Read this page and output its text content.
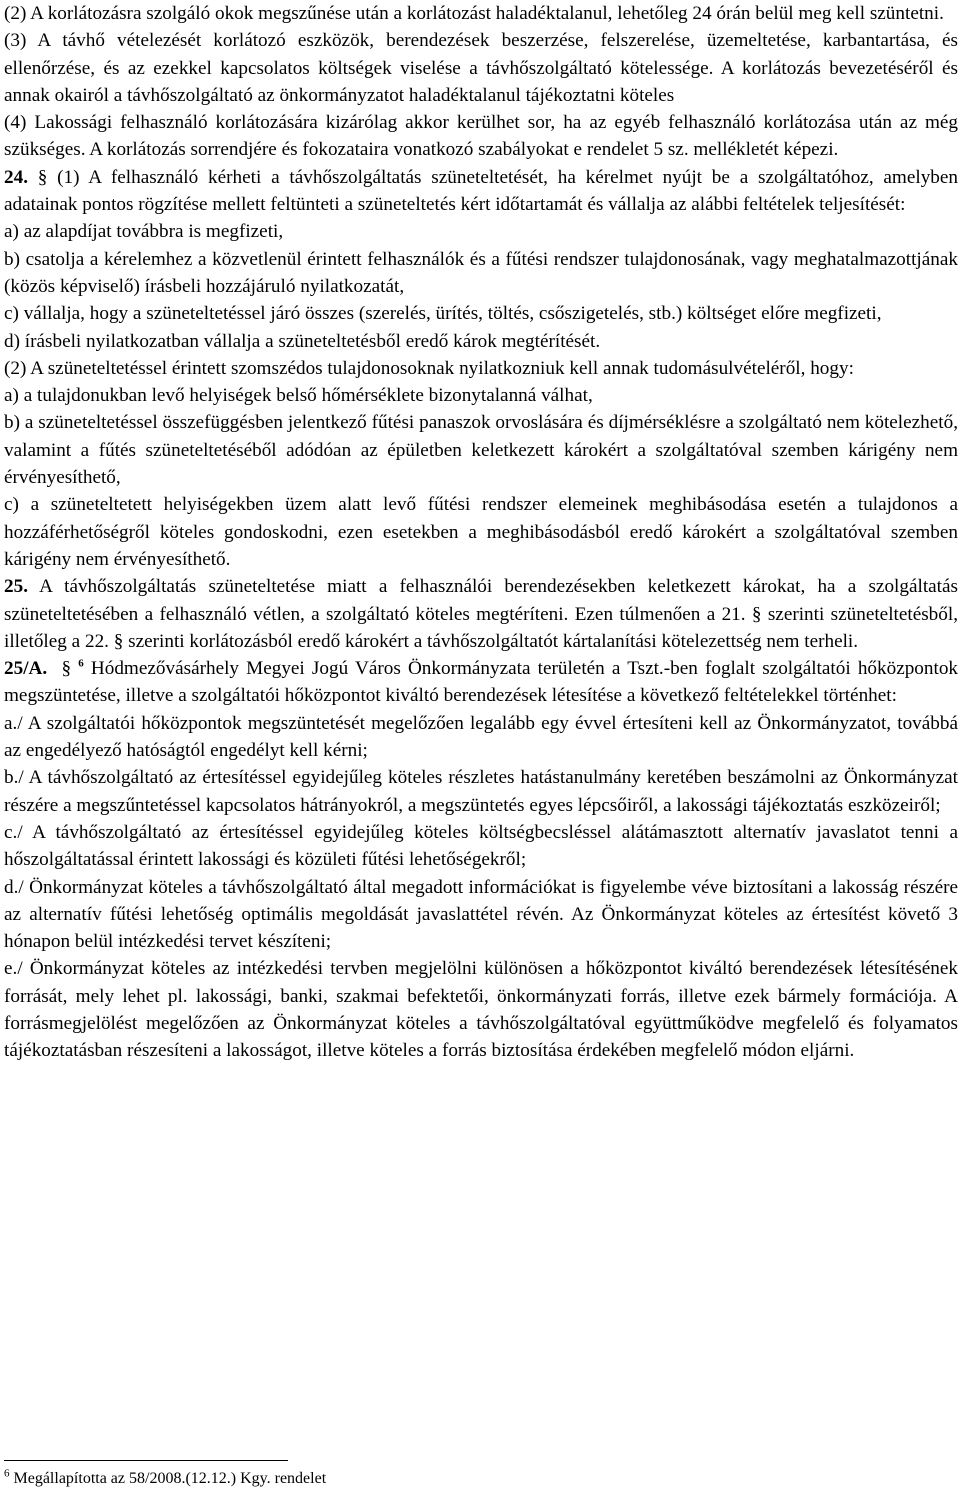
(2) A korlátozásra szolgáló okok megszűnése után a korlátozást haladéktalanul, lehetőleg 24 órán belül meg kell szüntetni.

(3) A távhő vételezését korlátozó eszközök, berendezések beszerzése, felszerelése, üzemeltetése, karbantartása, és ellenőrzése, és az ezekkel kapcsolatos költségek viselése a távhőszolgáltató kötelessége. A korlátozás bevezetéséről és annak okairól a távhőszolgáltató az önkormányzatot haladéktalanul tájékoztatni köteles

(4) Lakossági felhasználó korlátozására kizárólag akkor kerülhet sor, ha az egyéb felhasználó korlátozása után az még szükséges. A korlátozás sorrendjére és fokozataira vonatkozó szabályokat e rendelet 5 sz. mellékletét képezi.

24. § (1) A felhasználó kérheti a távhőszolgáltatás szüneteltetését, ha kérelmet nyújt be a szolgáltatóhoz, amelyben adatainak pontos rögzítése mellett feltünteti a szüneteltetés kért időtartamát és vállalja az alábbi feltételek teljesítését:

a) az alapdíjat továbbra is megfizeti,

b) csatolja a kérelemhez a közvetlenül érintett felhasználók és a fűtési rendszer tulajdonosának, vagy meghatalmazottjának (közös képviselő) írásbeli hozzájáruló nyilatkozatát,

c) vállalja, hogy a szüneteltetéssel járó összes (szerelés, ürítés, töltés, csőszigetelés, stb.) költséget előre megfizeti,

d) írásbeli nyilatkozatban vállalja a szüneteltetésből eredő károk megtérítését.

(2) A szüneteltetéssel érintett szomszédos tulajdonosoknak nyilatkozniuk kell annak tudomásulvételéről, hogy:

a) a tulajdonukban levő helyiségek belső hőmérséklete bizonytalanná válhat,

b) a szüneteltetéssel összefüggésben jelentkező fűtési panaszok orvoslására és díjmérséklésre a szolgáltató nem kötelezhető, valamint a fűtés szüneteltetéséből adódóan az épületben keletkezett károkért a szolgáltatóval szemben kárigény nem érvényesíthető,

c) a szüneteltetett helyiségekben üzem alatt levő fűtési rendszer elemeinek meghibásodása esetén a tulajdonos a hozzáférhetőségről köteles gondoskodni, ezen esetekben a meghibásodásból eredő károkért a szolgáltatóval szemben kárigény nem érvényesíthető.

25. A távhőszolgáltatás szüneteltetése miatt a felhasználói berendezésekben keletkezett károkat, ha a szolgáltatás szüneteltetésében a felhasználó vétlen, a szolgáltató köteles megtéríteni. Ezen túlmenően a 21. § szerinti szüneteltetésből, illetőleg a 22. § szerinti korlátozásból eredő károkért a távhőszolgáltatót kártalanítási kötelezettség nem terheli.

25/A. § $^6$ Hódmezővásárhely Megyei Jogú Város Önkormányzata területén a Tszt.-ben foglalt szolgáltatói hőközpontok megszüntetése, illetve a szolgáltatói hőközpontot kiváltó berendezések létesítése a következő feltételekkel történhet:

a./ A szolgáltatói hőközpontok megszüntetését megelőzően legalább egy évvel értesíteni kell az Önkormányzatot, továbbá az engedélyező hatóságtól engedélyt kell kérni;

b./ A távhőszolgáltató az értesítéssel egyidejűleg köteles részletes hatástanulmány keretében beszámolni az Önkormányzat részére a megszűntetéssel kapcsolatos hátrányokról, a megszüntetés egyes lépcsőiről, a lakossági tájékoztatás eszközeiről;

c./ A távhőszolgáltató az értesítéssel egyidejűleg köteles költségbecsléssel alátámasztott alternatív javaslatot tenni a hőszolgáltatással érintett lakossági és közületi fűtési lehetőségekről;

d./ Önkormányzat köteles a távhőszolgáltató által megadott információkat is figyelembe véve biztosítani a lakosság részére az alternatív fűtési lehetőség optimális megoldását javaslattétel révén. Az Önkormányzat köteles az értesítést követő 3 hónapon belül intézkedési tervet készíteni;

e./ Önkormányzat köteles az intézkedési tervben megjelölni különösen a hőközpontot kiváltó berendezések létesítésének forrását, mely lehet pl. lakossági, banki, szakmai befektetői, önkormányzati forrás, illetve ezek bármely formációja. A forrásmegjelölést megelőzően az Önkormányzat köteles a távhőszolgáltatóval együttműködve megfelelő és folyamatos tájékoztatásban részesíteni a lakosságot, illetve köteles a forrás biztosítása érdekében megfelelő módon eljárni.

$^6$ Megállapította az 58/2008.(12.12.) Kgy. rendelet
